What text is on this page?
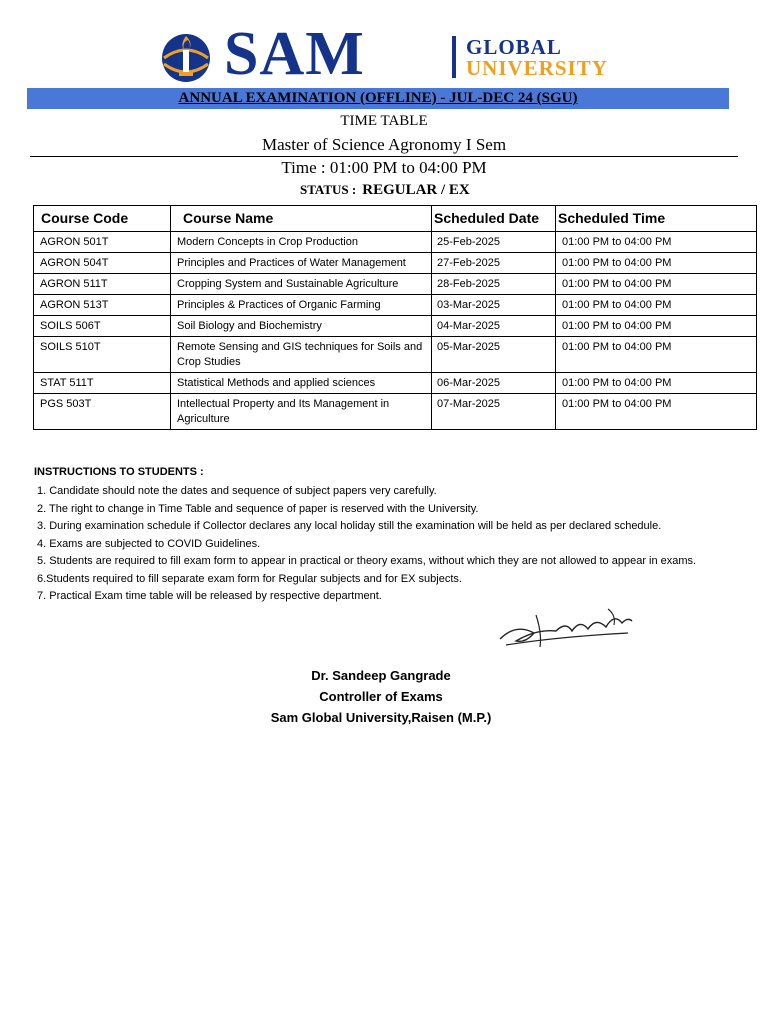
SAM	GLOBAL
UNIVERSITY
ANNUAL EXAMINATION (OFFLINE) - JUL-DEC 24 (SGU)
TIME TABLE
Master of Science Agronomy I Sem
Time : 01:00 PM to 04:00 PM
STATUS : REGULAR / EX
Course Code	Course Name	Scheduled Date	Scheduled Time
AGRON 501T	Modern Concepts in Crop Production	25-Feb-2025	01:00 PM to 04:00 PM
AGRON 504T	Principles and Practices of Water Management	27-Feb-2025	01:00 PM to 04:00 PM
AGRON 511T	Cropping System and Sustainable Agriculture	28-Feb-2025	01:00 PM to 04:00 PM
AGRON 513T	Principles & Practices of Organic Farming	03-Mar-2025	01:00 PM to 04:00 PM
SOILS 506T	Soil Biology and Biochemistry	04-Mar-2025	01:00 PM to 04:00 PM
SOILS 510T	Remote Sensing and GIS techniques for Soils and Crop Studies	05-Mar-2025	01:00 PM to 04:00 PM
STAT 511T	Statistical Methods and applied sciences	06-Mar-2025	01:00 PM to 04:00 PM
PGS 503T	Intellectual Property and Its Management in Agriculture	07-Mar-2025	01:00 PM to 04:00 PM
INSTRUCTIONS TO STUDENTS :
1. Candidate should note the dates and sequence of subject papers very carefully.
2. The right to change in Time Table and sequence of paper is reserved with the University.
3. During examination schedule if Collector declares any local holiday still the examination will be held as per declared schedule.
4. Exams are subjected to COVID Guidelines.
5. Students are required to fill exam form to appear in practical or theory exams, without which they are not allowed to appear in exams.
6.Students required to fill separate exam form for Regular subjects and for EX subjects.
7. Practical Exam time table will be released by respective department.
Dr. Sandeep Gangrade
Controller of Exams
Sam Global University,Raisen (M.P.)
